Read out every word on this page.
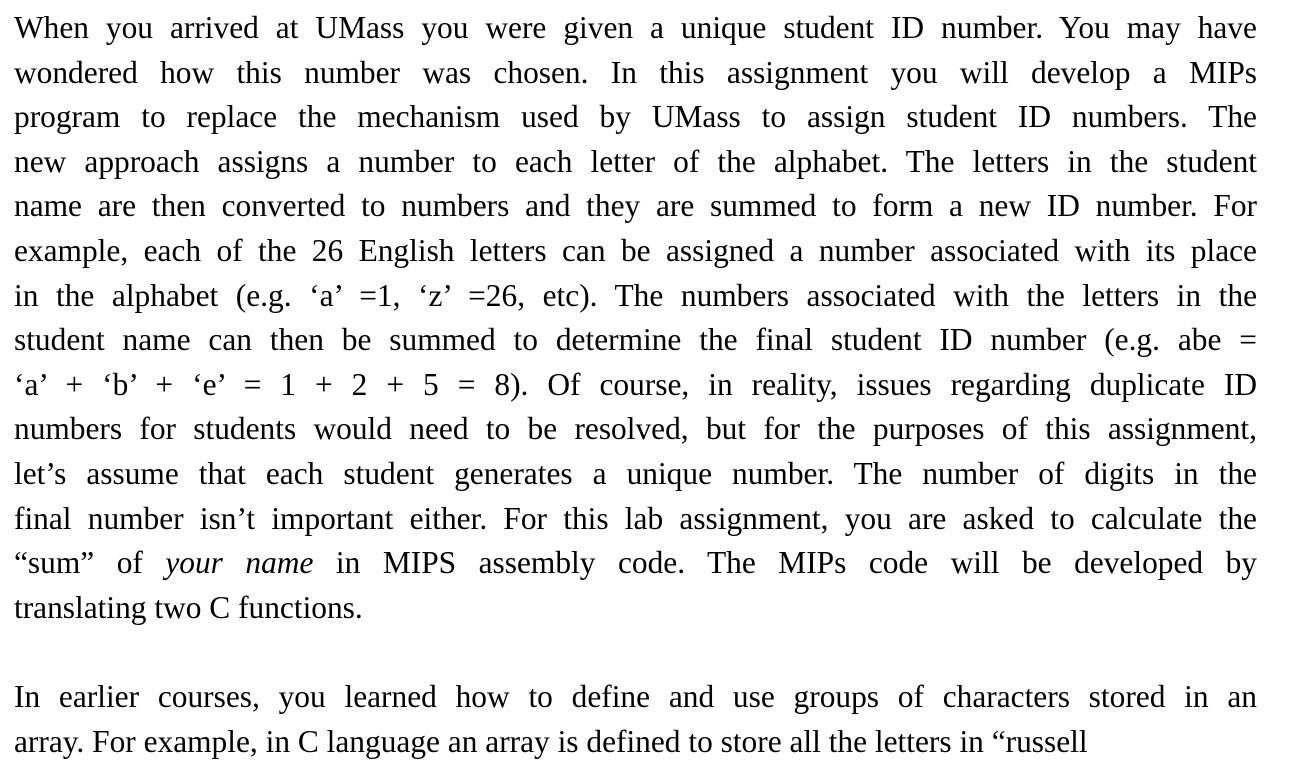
When you arrived at UMass you were given a unique student ID number. You may have
wondered how this number was chosen. In this assignment you will develop a MIPs
program to replace the mechanism used by UMass to assign student ID numbers. The
new approach assigns a number to each letter of the alphabet. The letters in the student
name are then converted to numbers and they are summed to form a new ID number. For
example, each of the 26 English letters can be assigned a number associated with its place
in the alphabet (e.g. ‘a’ =1, ‘z’ =26, etc). The numbers associated with the letters in the
student name can then be summed to determine the final student ID number (e.g. abe =
‘a’ + ‘b’ + ‘e’ = 1 + 2 + 5 = 8). Of course, in reality, issues regarding duplicate ID
numbers for students would need to be resolved, but for the purposes of this assignment,
let’s assume that each student generates a unique number. The number of digits in the
final number isn’t important either. For this lab assignment, you are asked to calculate the
“sum” of your name in MIPS assembly code. The MIPs code will be developed by
translating two C functions.
In earlier courses, you learned how to define and use groups of characters stored in an
array. For example, in C language an array is defined to store all the letters in “russell
